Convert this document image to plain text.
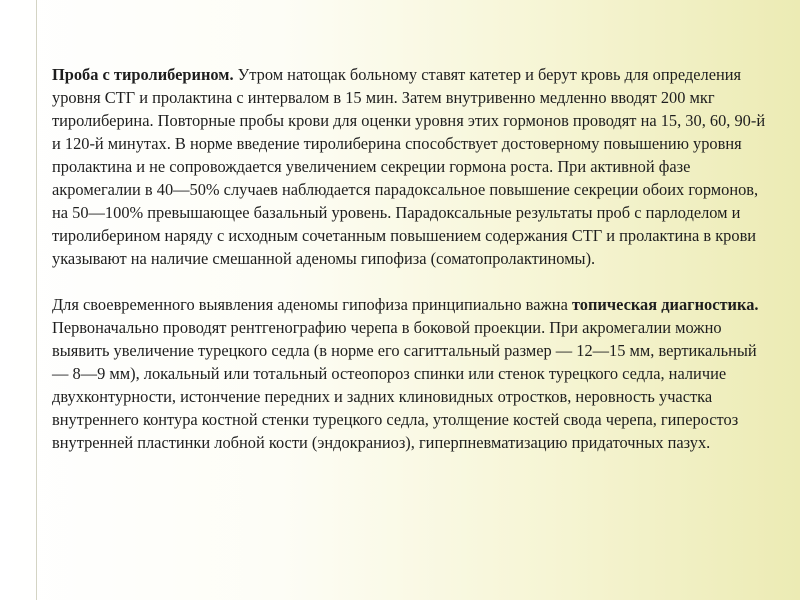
Проба с тиролиберином. Утром натощак больному ставят катетер и берут кровь для определения уровня СТГ и пролактина с интервалом в 15 мин. Затем внутривенно медленно вводят 200 мкг тиролиберина. Повторные пробы крови для оценки уровня этих гормонов проводят на 15, 30, 60, 90-й и 120-й минутах. В норме введение тиролиберина способствует достоверному повышению уровня пролактина и не сопровождается увеличением секреции гормона роста. При активной фазе акромегалии в 40—50% случаев наблюдается парадоксальное повышение секреции обоих гормонов, на 50—100% превышающее базальный уровень. Парадоксальные результаты проб с парлоделом и тиролиберином наряду с исходным сочетанным повышением содержания СТГ и пролактина в крови указывают на наличие смешанной аденомы гипофиза (соматопролактиномы).

Для своевременного выявления аденомы гипофиза принципиально важна топическая диагностика. Первоначально проводят рентгенографию черепа в боковой проекции. При акромегалии можно выявить увеличение турецкого седла (в норме его сагиттальный размер — 12—15 мм, вертикальный — 8—9 мм), локальный или тотальный остеопороз спинки или стенок турецкого седла, наличие двухконтурности, истончение передних и задних клиновидных отростков, неровность участка внутреннего контура костной стенки турецкого седла, утолщение костей свода черепа, гиперостоз внутренней пластинки лобной кости (эндокраниоз), гиперпневматизацию придаточных пазух.
